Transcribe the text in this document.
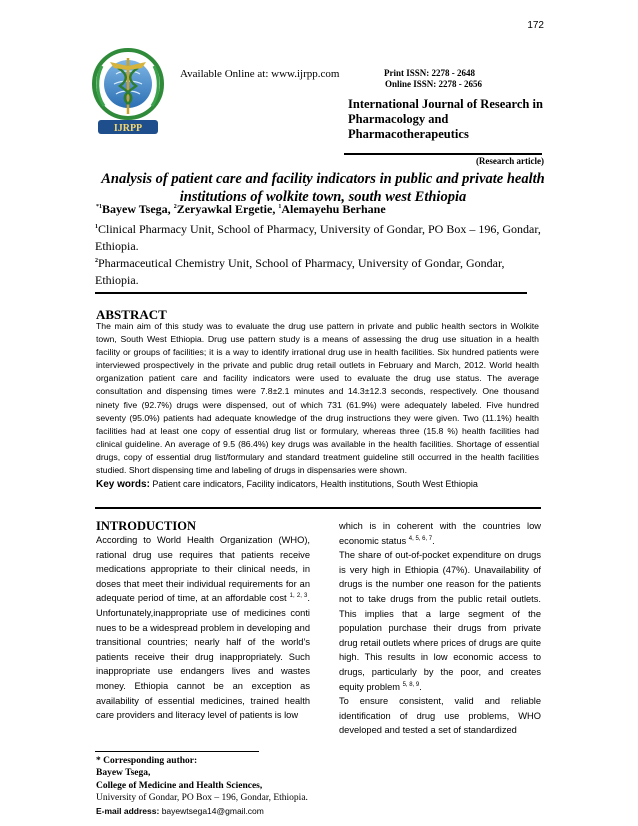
172
IJRPP
Available Online at: www.ijrpp.com	Print ISSN: 2278 - 2648
Online ISSN: 2278 - 2656
International Journal of Research in Pharmacology and Pharmacotherapeutics
(Research article)
Analysis of patient care and facility indicators in public and private health institutions of wolkite town, south west Ethiopia
$^{*1}$Bayew Tsega, $^2$Zeryawkal Ergetie, $^1$Alemayehu Berhane

$^1$Clinical Pharmacy Unit, School of Pharmacy, University of Gondar, PO Box – 196, Gondar, Ethiopia.

$^2$Pharmaceutical Chemistry Unit, School of Pharmacy, University of Gondar, Gondar, Ethiopia.

ABSTRACT
The main aim of this study was to evaluate the drug use pattern in private and public health sectors in Wolkite town, South West Ethiopia. Drug use pattern study is a means of assessing the drug use situation in a health facility or groups of facilities; it is a way to identify irrational drug use in health facilities. Six hundred patients were interviewed prospectively in the private and public drug retail outlets in February and March, 2012. World health organization patient care and facility indicators were used to evaluate the drug use status. The average consultation and dispensing times were 7.8±2.1 minutes and 14.3±12.3 seconds, respectively. One thousand ninety five (92.7%) drugs were dispensed, out of which 731 (61.9%) were adequately labeled. Five hundred seventy (95.0%) patients had adequate knowledge of the drug instructions they were given. Two (11.1%) health facilities had at least one copy of essential drug list or formulary, whereas three (15.8 %) health facilities had clinical guideline. An average of 9.5 (86.4%) key drugs was available in the health facilities. Shortage of essential drugs, copy of essential drug list/formulary and standard treatment guideline still occurred in the health facilities studied. Short dispensing time and labeling of drugs in dispensaries were shown.
Key words: Patient care indicators, Facility indicators, Health institutions, South West Ethiopia
INTRODUCTION
According to World Health Organization (WHO), rational drug use requires that patients receive medications appropriate to their clinical needs, in doses that meet their individual requirements for an adequate period of time, at an affordable cost $^{1, 2, 3}$. Unfortunately,inappropriate use of medicines conti nues to be a widespread problem in developing and transitional countries; nearly half of the world’s patients receive their drug inappropriately. Such inappropriate use endangers lives and wastes money. Ethiopia cannot be an exception as availability of essential medicines, trained health care providers and literacy level of patients is low
which is in coherent with the countries low economic status $^{4, 5, 6, 7}$.
The share of out-of-pocket expenditure on drugs is very high in Ethiopia (47%). Unavailability of drugs is the number one reason for the patients not to take drugs from the public retail outlets. This implies that a large segment of the population purchase their drugs from private drug retail outlets where prices of drugs are quite high. This results in low economic access to drugs, particularly by the poor, and creates equity problem $^{5, 8, 9}$.
To ensure consistent, valid and reliable identification of drug use problems, WHO developed and tested a set of standardized
* Corresponding author:
Bayew Tsega,
College of Medicine and Health Sciences,
University of Gondar, PO Box – 196, Gondar, Ethiopia.
E-mail address: bayewtsega14@gmail.com
